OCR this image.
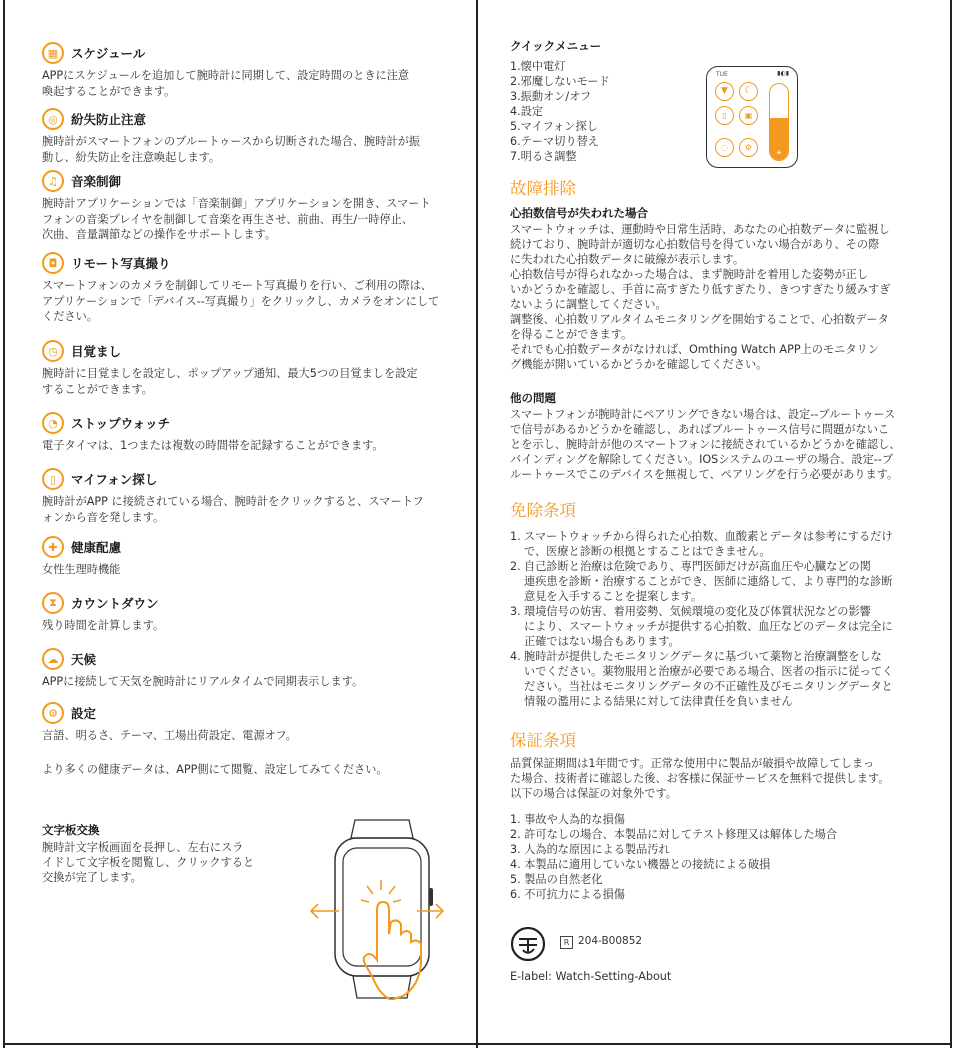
▦	スケジュール
APPにスケジュールを追加して腕時計に同期して、設定時間のときに注意
喚起することができます。
◎	紛失防止注意
腕時計がスマートフォンのブルートゥースから切断された場合、腕時計が振
動し、紛失防止を注意喚起します。
♫	音楽制御
腕時計アプリケーションでは「音楽制御」アプリケーションを開き、スマート
フォンの音楽プレイヤを制御して音楽を再生させ、前曲、再生/一時停止、
次曲、音量調節などの操作をサポートします。
◘	リモート写真撮り
スマートフォンのカメラを制御してリモート写真撮りを行い、ご利用の際は、
アプリケーションで「デバイス--写真撮り」をクリックし、カメラをオンにして
ください。
◷	目覚まし
腕時計に目覚ましを設定し、ポップアップ通知、最大5つの目覚ましを設定
することができます。
◔	ストップウォッチ
電子タイマは、1つまたは複数の時間帯を記録することができます。
▯	マイフォン探し
腕時計がAPP に接続されている場合、腕時計をクリックすると、スマートフ
ォンから音を発します。
✚	健康配慮
女性生理時機能
⧗	カウントダウン
残り時間を計算します。
☁	天候
APPに接続して天気を腕時計にリアルタイムで同期表示します。
⚙	設定
言語、明るさ、テーマ、工場出荷設定、電源オフ。
より多くの健康データは、APP側にて閲覧、設定してみてください。
文字板交換
腕時計文字板画面を長押し、左右にスラ
イドして文字板を閲覧し、クリックすると
交換が完了します。
クイックメニュー
1.懐中電灯
2.邪魔しないモード
3.振動オン/オフ
4.設定
5.マイフォン探し
6.テーマ切り替え
7.明るさ調整
TUE	▮◐▮
▼	☾
▯	▣
◌	⚙
☀
故障排除
心拍数信号が失われた場合
スマートウォッチは、運動時や日常生活時、あなたの心拍数データに監視し
続けており、腕時計が適切な心拍数信号を得ていない場合があり、その際
に失われた心拍数データに破線が表示します。
心拍数信号が得られなかった場合は、まず腕時計を着用した姿勢が正し
いかどうかを確認し、手首に高すぎたり低すぎたり、きつすぎたり緩みすぎ
ないように調整してください。
調整後、心拍数リアルタイムモニタリングを開始することで、心拍数データ
を得ることができます。
それでも心拍数データがなければ、Omthing Watch APP上のモニタリン
グ機能が開いているかどうかを確認してください。
他の問題
スマートフォンが腕時計にペアリングできない場合は、設定--ブルートゥース
で信号があるかどうかを確認し、あればブルートゥース信号に問題がないこ
とを示し、腕時計が他のスマートフォンに接続されているかどうかを確認し、
バインディングを解除してください。IOSシステムのユーザの場合、設定--ブ
ルートゥースでこのデバイスを無視して、ペアリングを行う必要があります。
免除条項
1. スマートウォッチから得られた心拍数、血酸素とデータは参考にするだけ
で、医療と診断の根拠とすることはできません。
2. 自己診断と治療は危険であり、専門医師だけが高血圧や心臓などの関
連疾患を診断・治療することができ、医師に連絡して、より専門的な診断
意見を入手することを提案します。
3. 環境信号の妨害、着用姿勢、気候環境の変化及び体質状況などの影響
により、スマートウォッチが提供する心拍数、血圧などのデータは完全に
正確ではない場合もあります。
4. 腕時計が提供したモニタリングデータに基づいて薬物と治療調整をしな
いでください。薬物服用と治療が必要である場合、医者の指示に従ってく
ださい。当社はモニタリングデータの不正確性及びモニタリングデータと
情報の濫用による結果に対して法律責任を負いません
保証条項
品質保証期間は1年間です。正常な使用中に製品が破損や故障してしまっ
た場合、技術者に確認した後、お客様に保証サービスを無料で提供します。
以下の場合は保証の対象外です。
1. 事故や人為的な損傷
2. 許可なしの場合、本製品に対してテスト修理又は解体した場合
3. 人為的な原因による製品汚れ
4. 本製品に適用していない機器との接続による破損
5. 製品の自然老化
6. 不可抗力による損傷
R 204-B00852
E-label: Watch-Setting-About
